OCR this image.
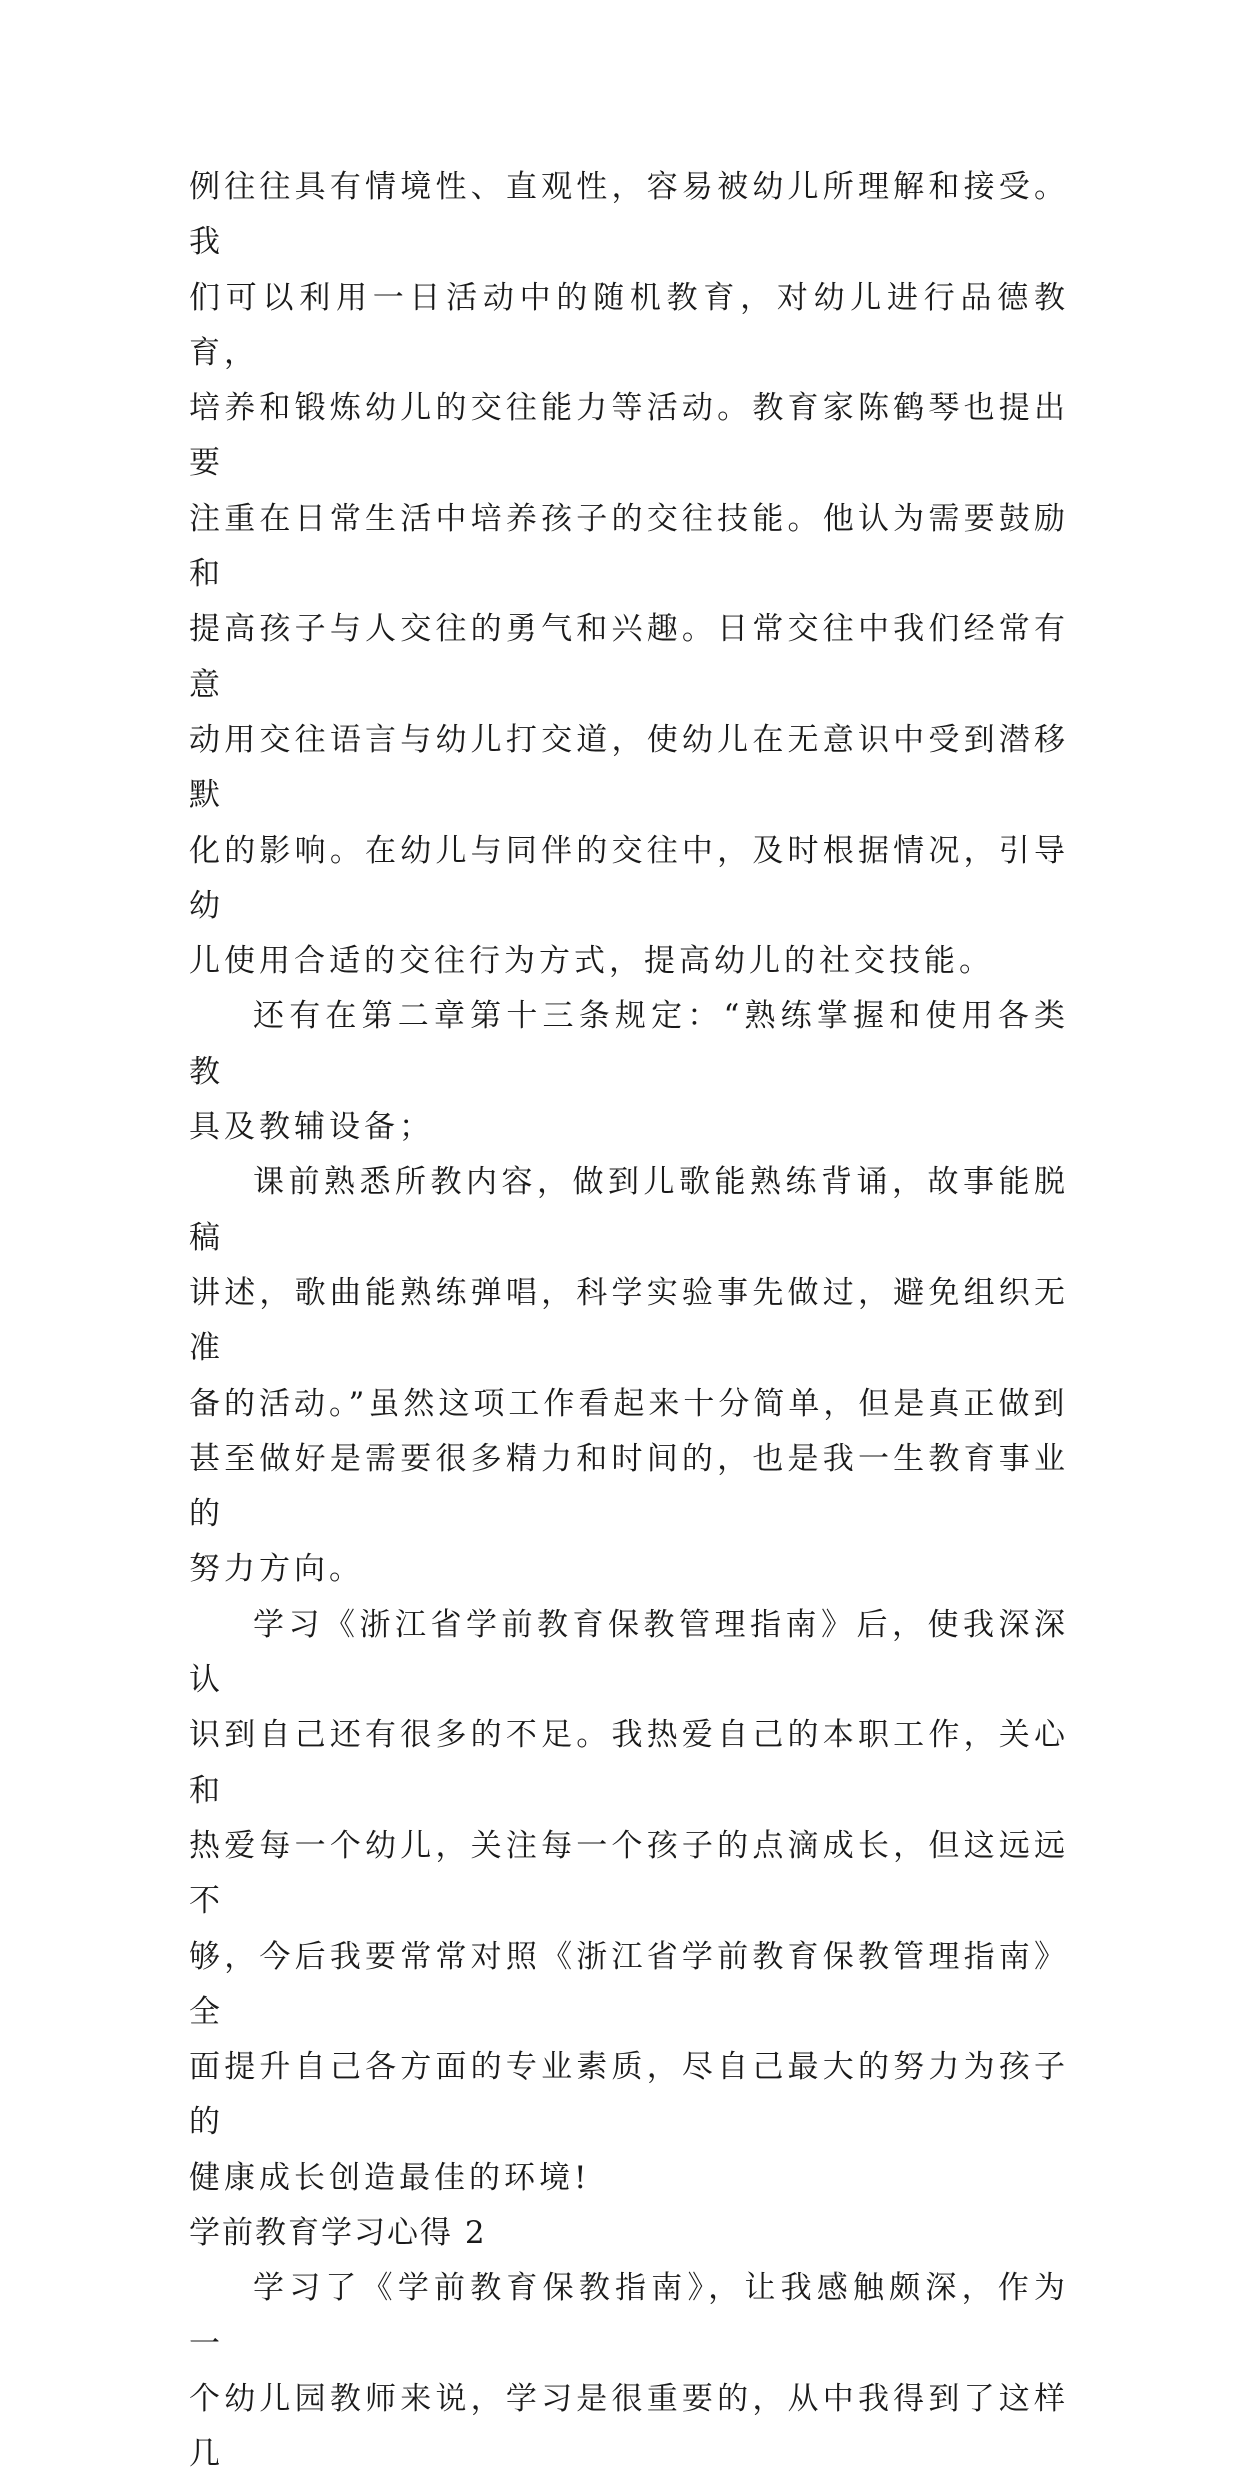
例往往具有情境性、直观性，容易被幼儿所理解和接受。我
们可以利用一日活动中的随机教育，对幼儿进行品德教育，
培养和锻炼幼儿的交往能力等活动。教育家陈鹤琴也提出要
注重在日常生活中培养孩子的交往技能。他认为需要鼓励和
提高孩子与人交往的勇气和兴趣。日常交往中我们经常有意
动用交往语言与幼儿打交道，使幼儿在无意识中受到潜移默
化的影响。在幼儿与同伴的交往中，及时根据情况，引导幼
儿使用合适的交往行为方式，提高幼儿的社交技能。

还有在第二章第十三条规定：“熟练掌握和使用各类教
具及教辅设备；

课前熟悉所教内容，做到儿歌能熟练背诵，故事能脱稿
讲述，歌曲能熟练弹唱，科学实验事先做过，避免组织无准
备的活动。”虽然这项工作看起来十分简单，但是真正做到
甚至做好是需要很多精力和时间的，也是我一生教育事业的
努力方向。

学习《浙江省学前教育保教管理指南》后，使我深深认
识到自己还有很多的不足。我热爱自己的本职工作，关心和
热爱每一个幼儿，关注每一个孩子的点滴成长，但这远远不
够，今后我要常常对照《浙江省学前教育保教管理指南》全
面提升自己各方面的专业素质，尽自己最大的努力为孩子的
健康成长创造最佳的环境!

学前教育学习心得 2

学习了《学前教育保教指南》，让我感触颇深，作为一
个幼儿园教师来说，学习是很重要的，从中我得到了这样几
